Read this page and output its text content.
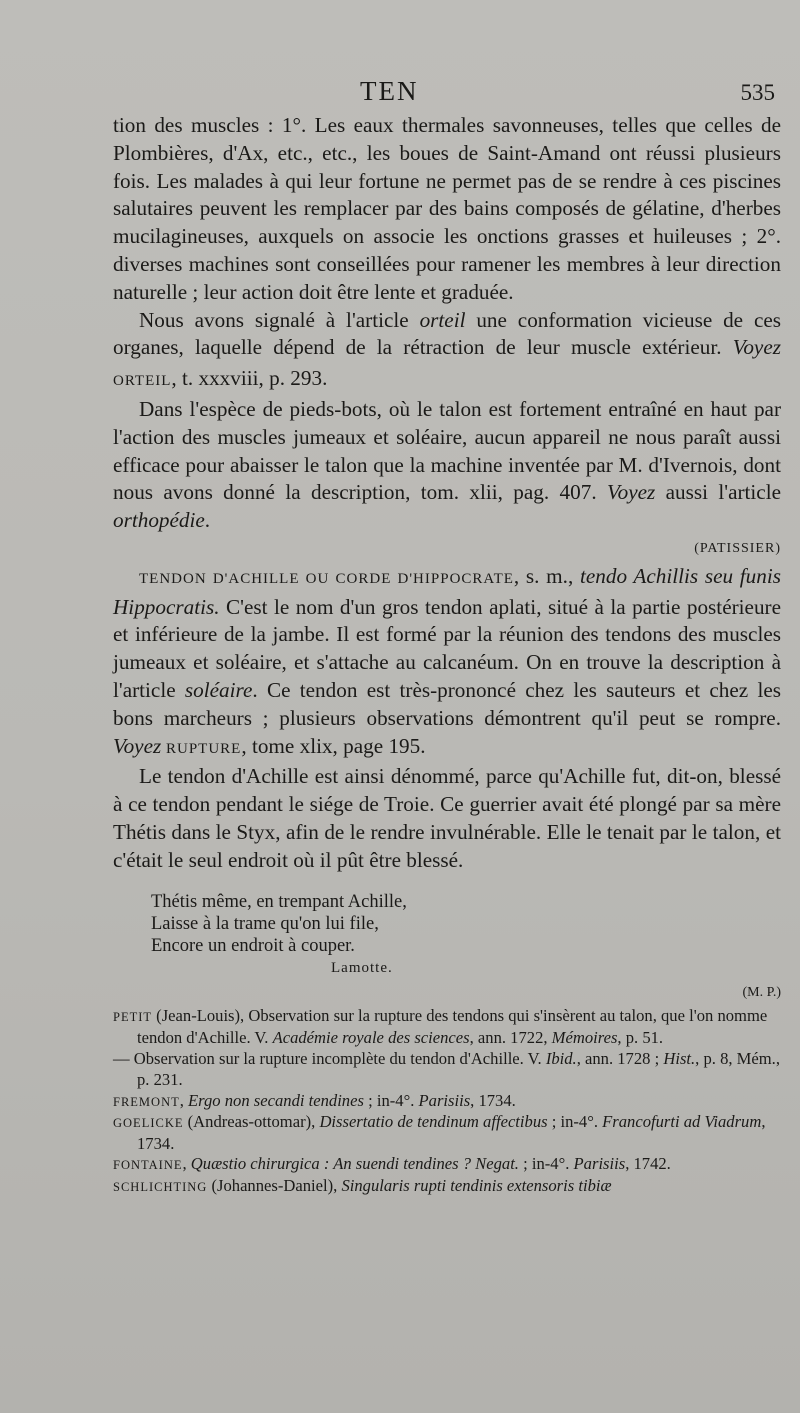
TEN	535

tion des muscles : 1°. Les eaux thermales savonneuses, telles que celles de Plombières, d'Ax, etc., etc., les boues de Saint-Amand ont réussi plusieurs fois. Les malades à qui leur fortune ne permet pas de se rendre à ces piscines salutaires peuvent les remplacer par des bains composés de gélatine, d'herbes mucilagineuses, auxquels on associe les onctions grasses et huileuses ; 2°. diverses machines sont conseillées pour ramener les membres à leur direction naturelle ; leur action doit être lente et graduée.

Nous avons signalé à l'article orteil une conformation vicieuse de ces organes, laquelle dépend de la rétraction de leur muscle extérieur. Voyez ORTEIL, t. xxxviii, p. 293.

Dans l'espèce de pieds-bots, où le talon est fortement entraîné en haut par l'action des muscles jumeaux et soléaire, aucun appareil ne nous paraît aussi efficace pour abaisser le talon que la machine inventée par M. d'Ivernois, dont nous avons donné la description, tom. xlii, pag. 407. Voyez aussi l'article orthopédie.

(PATISSIER)

TENDON D'ACHILLE OU CORDE D'HIPPOCRATE, s. m., tendo Achillis seu funis Hippocratis. C'est le nom d'un gros tendon aplati, situé à la partie postérieure et inférieure de la jambe. Il est formé par la réunion des tendons des muscles jumeaux et soléaire, et s'attache au calcanéum. On en trouve la description à l'article soléaire. Ce tendon est très-prononcé chez les sauteurs et chez les bons marcheurs ; plusieurs observations démontrent qu'il peut se rompre. Voyez RUPTURE, tome xlix, page 195.

Le tendon d'Achille est ainsi dénommé, parce qu'Achille fut, dit-on, blessé à ce tendon pendant le siége de Troie. Ce guerrier avait été plongé par sa mère Thétis dans le Styx, afin de le rendre invulnérable. Elle le tenait par le talon, et c'était le seul endroit où il pût être blessé.

Thétis même, en trempant Achille,
Laisse à la trame qu'on lui file,
Encore un endroit à couper.
Lamotte.

(M. P.)

PETIT (Jean-Louis), Observation sur la rupture des tendons qui s'insèrent au talon, que l'on nomme tendon d'Achille. V. Académie royale des sciences, ann. 1722, Mémoires, p. 51.

— Observation sur la rupture incomplète du tendon d'Achille. V. Ibid., ann. 1728 ; Hist., p. 8, Mém., p. 231.

FREMONT, Ergo non secandi tendines ; in-4°. Parisiis, 1734.

GOELICKE (Andreas-ottomar), Dissertatio de tendinum affectibus ; in-4°. Francofurti ad Viadrum, 1734.

FONTAINE, Quæstio chirurgica : An suendi tendines ? Negat. ; in-4°. Parisiis, 1742.

SCHLICHTING (Johannes-Daniel), Singularis rupti tendinis extensoris tibiæ
